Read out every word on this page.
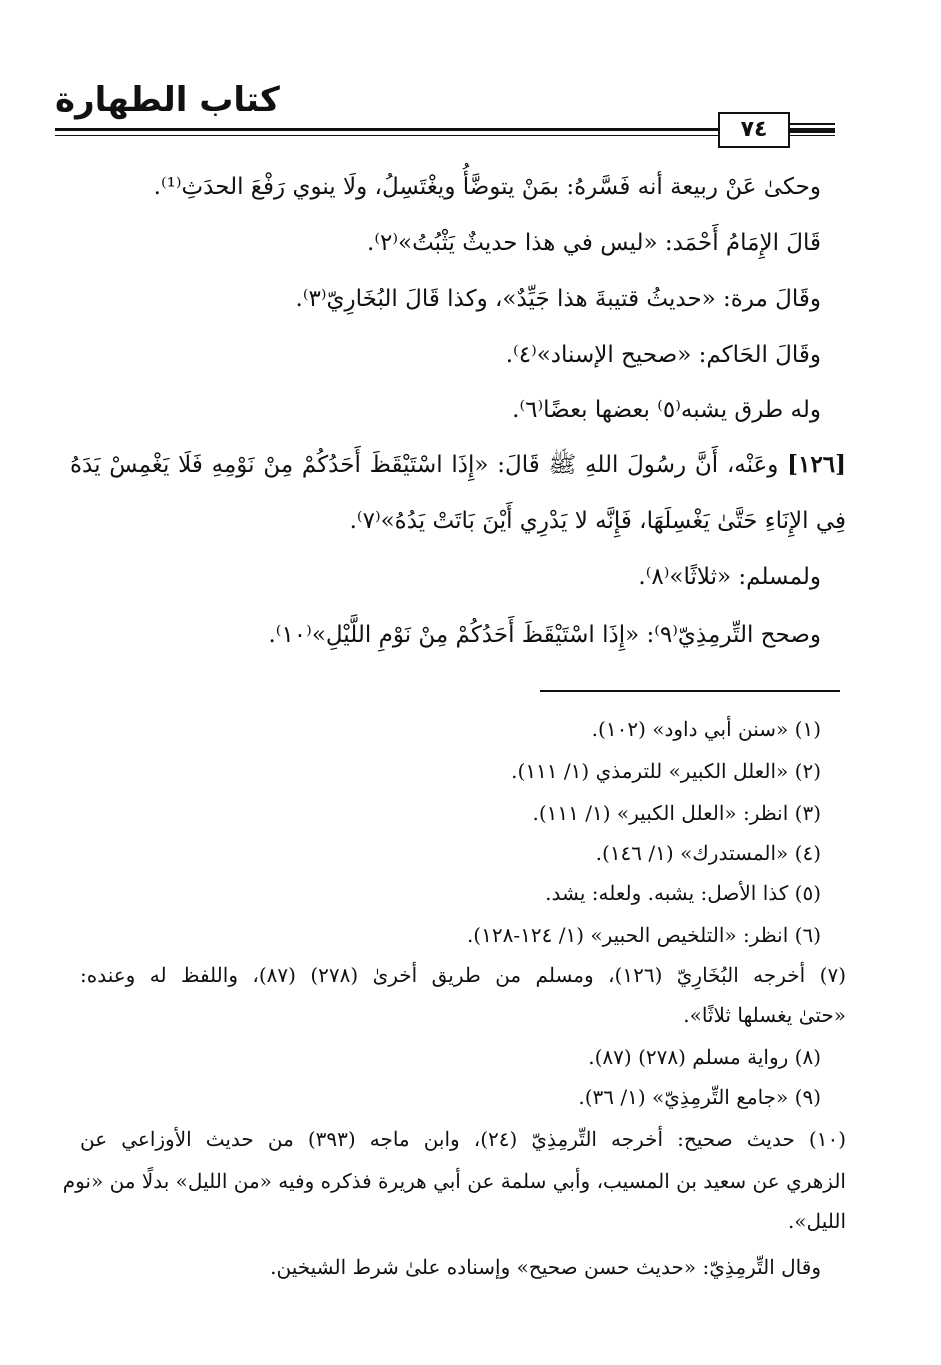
كتاب الطهارة
٧٤
وحكىٰ عَنْ ربيعة أنه فَسَّرهُ: بمَنْ يتوضَّأُ ويغْتَسِلُ، ولَا ينوي رَفْعَ الحدَثِ⁽¹⁾.
قَالَ الإِمَامُ أَحْمَد: «ليس في هذا حديثٌ يَثْبُتُ»⁽٢⁾.
وقَالَ مرة: «حديثُ قتيبةَ هذا جَيِّدٌ»، وكذا قَالَ البُخَارِيّ⁽٣⁾.
وقَالَ الحَاكم: «صحيح الإسناد»⁽٤⁾.
وله طرق يشبه⁽٥⁾ بعضها بعضًا⁽٦⁾.
[١٢٦] وعَنْه، أَنَّ رسُولَ اللهِ ﷺ قَالَ: «إِذَا اسْتَيْقَظَ أَحَدُكُمْ مِنْ نَوْمِهِ فَلَا يَغْمِسْ يَدَهُ
فِي الإِنَاءِ حَتَّىٰ يَغْسِلَهَا، فَإِنَّه لا يَدْرِي أَيْنَ بَاتَتْ يَدُهُ»⁽٧⁾.
ولمسلم: «ثلاثًا»⁽٨⁾.
وصحح التِّرمِذِيّ⁽٩⁾: «إِذَا اسْتَيْقَظَ أَحَدُكُمْ مِنْ نَوْمِ اللَّيْلِ»⁽١٠⁾.
(١) «سنن أبي داود» (١٠٢).
(٢) «العلل الكبير» للترمذي (١/ ١١١).
(٣) انظر: «العلل الكبير» (١/ ١١١).
(٤) «المستدرك» (١/ ١٤٦).
(٥) كذا الأصل: يشبه. ولعله: يشد.
(٦) انظر: «التلخيص الحبير» (١/ ١٢٤-١٢٨).
(٧) أخرجه البُخَارِيّ (١٢٦)، ومسلم من طريق أخرىٰ (٢٧٨) (٨٧)، واللفظ له وعنده:
«حتىٰ يغسلها ثلاثًا».
(٨) رواية مسلم (٢٧٨) (٨٧).
(٩) «جامع التِّرمِذِيّ» (١/ ٣٦).
(١٠) حديث صحيح: أخرجه التِّرمِذِيّ (٢٤)، وابن ماجه (٣٩٣) من حديث الأوزاعي عن
الزهري عن سعيد بن المسيب، وأبي سلمة عن أبي هريرة فذكره وفيه «من الليل» بدلًا من «نوم
الليل».
وقال التِّرمِذِيّ: «حديث حسن صحيح» وإسناده علىٰ شرط الشيخين.
